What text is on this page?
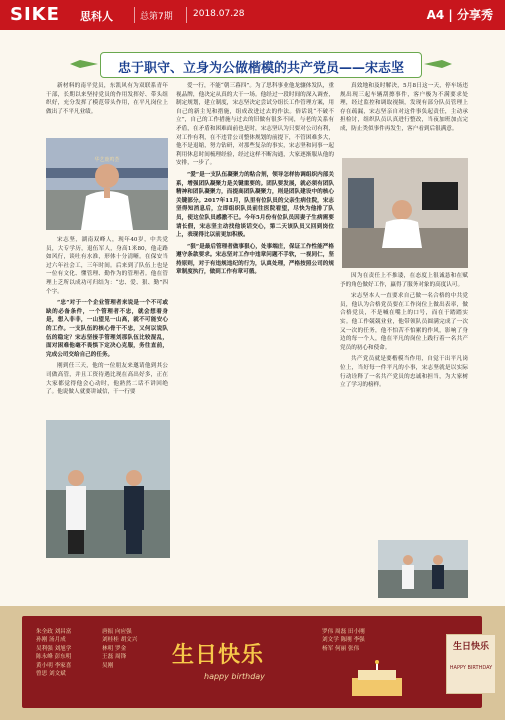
SIKE 思科人	总第7期 2018.07.28	A4 | 分享秀
忠于职守、立身为公做楷模的共产党员——宋志坚

新材料的南平党员，东凯风有为双联系青年干部，长期以来坚持党员的作用发挥好、带头组织好，充分发挥了模范带头作用，在平凡岗位上做出了不平凡业绩。

华艺鹿鸣荟

宋志坚，湖南双峰人，现年40岁，中共党员，大专学历，退伍军人，身高1米80，他走路如风行，谈吐有水准，形体十分清晰。在保安当过六年社会工，三年时间。后来到了队伍上也是一位有文化、懂管理、勤作为的管理者。他在管理上乏所以成功可归结为：“忠、爱、狠、勤”四个字。

“忠”对于一个企业管理者来说是一个不可或缺的必备条件，一个管理者不忠，就会想着身是，想入非非，一山望见一山高，就不可能安心的工作。一支队伍的核心骨干不忠，又何以说队伍的稳定？宋志坚接手管理刘那队伍比较混乱，面对困难他毫不畏惧下定决心克服，务往直前，完成公司交给自己的任务。

刚到任三天，他的一位朋友来邀请他到其公司做高管，并且工资待遇比现在高出好多，正在大家都觉得他会心动时，他熟然二话不讲回绝了。他说做人就要讲诚信，干一行要

爱一行，不能“朝三暮四”。为了思科事业他龙骧体发队，重视品牌，他决定从真的大干一场。他经过一段时间的深入调查，制定规划，建立制度，宋志坚决定尝试分组长工作管理方案，用自己的新主见和措施，组成改进过去的作法。俗话说“不破不立”，自己的工作措施与过去的旧做有很多不同，与老的关系有矛盾，在矛盾和困难面前也是时，宋志坚认为只要对公司有利，对工作有利，在不违背公司整体规划的前提下，不管困难多大，他不是退缩，努力钻研，对那些复杂的事实，宋志坚和同事一起利用休息时间梳理经验，经过这样不断沟通，大家逐渐服从他的安排，一步了。

“爱”是一支队伍凝聚力的粘合剂，领导怎样协调组织内部关系，增强团队凝聚力是关键重要的。团队要发展，就必须有团队精神和团队凝聚力，而提高团队凝聚力，则是团队建设中的核心关键部分。2017年11月，队里有位队员的父亲生病住院，宋志坚得知消息后，立即组织队员前往医院看望，尽快为他排了队员，使这位队员感激不已。今年5月份有位队员因妻子生病需要请长假，宋志坚主动找他谈话交心，第二天该队员又回到岗位上，表现得比以前更加积极。

“狠”是最后管理者做事狠心，处事端庄，保证工作性能严格遵守条款要求。宋志坚对工作中违章问题不手软，一视同仁，坚持原则，对于有违规违纪的行为，认真处理，严格按照公司的规章制度执行，做到工作有章可循。

真效地和及时解决，5月8日这一天，停车场违规出现三起车辆刮擦事件，客户极为不满要求处理，经过监控和调取视频，发现有部分队员管理上存在疏漏，宋志坚亲自对这件事负起责任，主动承担检讨，组织队员认真进行整改，当夜加班加点完成，防止类似事件再发生，客户看到后很满意。

因为在责任上不推诿，在态度上很诚恳和在赋予的角色做好工作，赢得了服务对象的高度认可。

宋志坚本人一直要求自己做一名合格的中共党员，他认为合格党员要在工作岗位上做出表率，做合格党员，不是喊在嘴上的口号，而在于踏踏实实。他工作兢兢业业，他带领队员圆满完成了一次又一次的任务，他不怕苦不怕累的作风，影响了身边的每一个人，他在平凡的岗位上践行着一名共产党员的初心和使命。

共产党员就是要楷模当作用，自觉干出平凡岗位上，当好每一件平凡的小事，宋志坚就是以实际行动诠释了一名共产党员的忠诚和担当，为大家树立了学习的榜样。

朱全政 刘昌富
孙刚 汤月成
吴利强 刘旭学
陈永峰 彭东明
黄小明 李家喜
曾思 刘文斌
唐振 向应强
刘桂桂 胡文兴
林明 罗金
王磊 周锋
吴刚	生日快乐
happy birthday
罗伟 周磊 田小刚
刘文学 陈刚 李强
杨军 何丽 张伟	生日快乐
HAPPY BIRTHDAY
